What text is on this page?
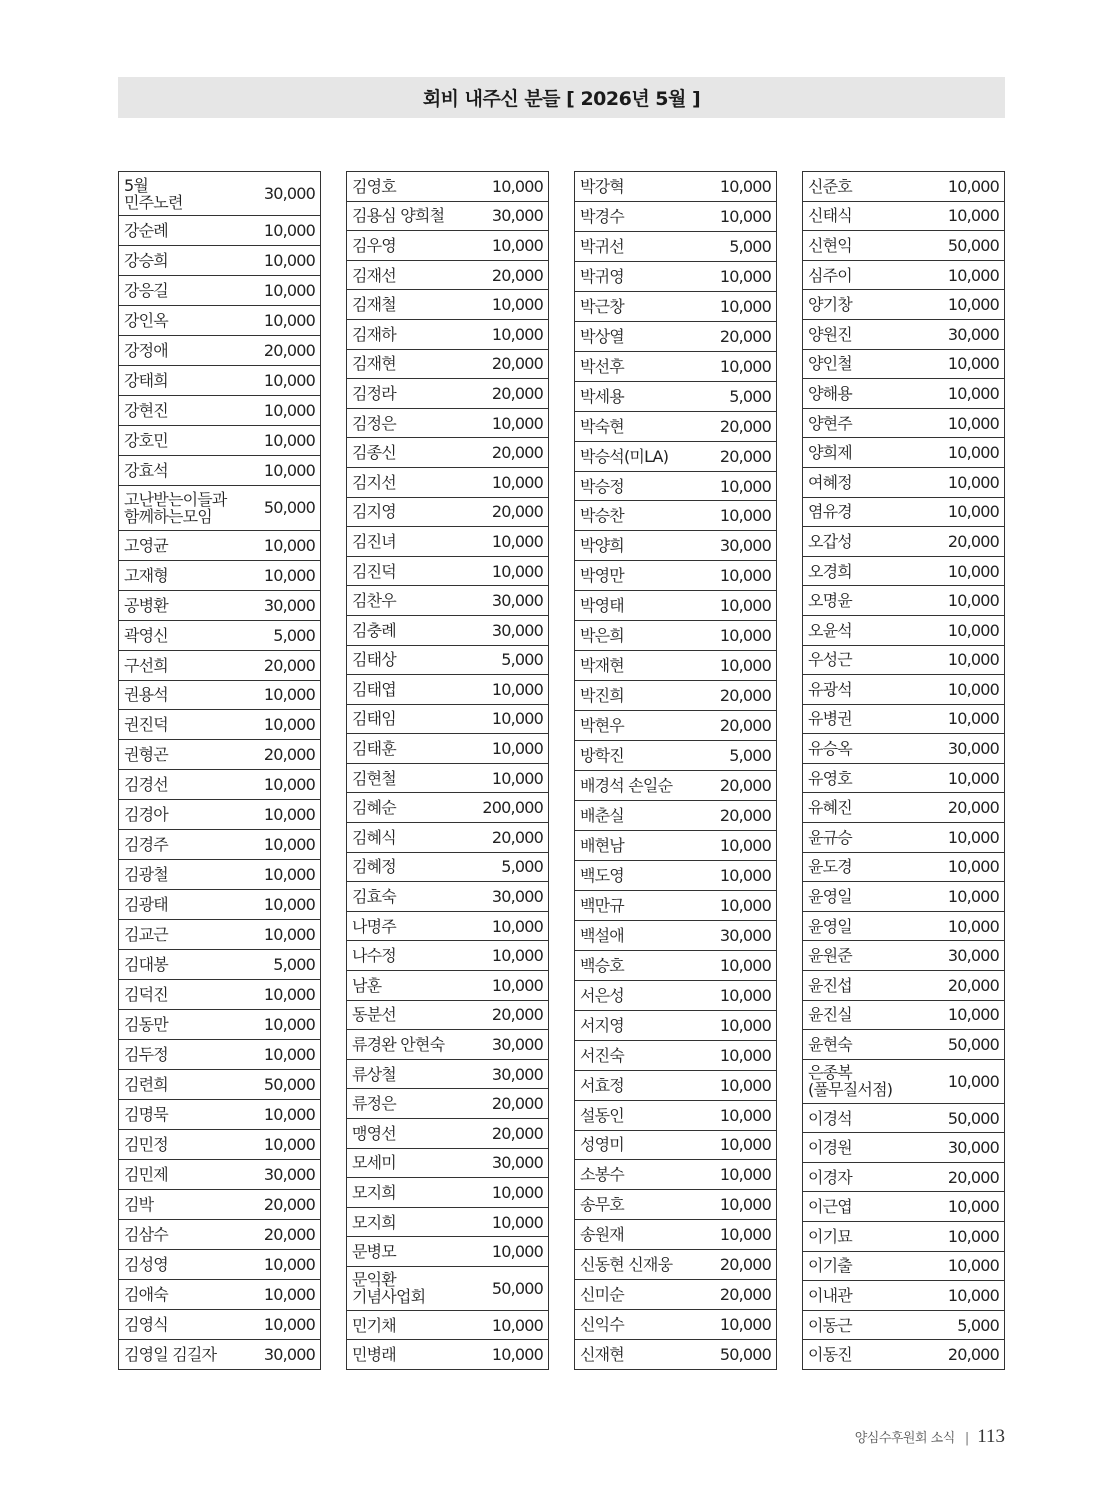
회비 내주신 분들 [ 2026년 5월 ]
5월
민주노련	30,000
강순례	10,000
강승희	10,000
강응길	10,000
강인옥	10,000
강정애	20,000
강태희	10,000
강현진	10,000
강호민	10,000
강효석	10,000
고난받는이들과
함께하는모임	50,000
고영균	10,000
고재형	10,000
공병환	30,000
곽영신	5,000
구선희	20,000
권용석	10,000
권진덕	10,000
권형곤	20,000
김경선	10,000
김경아	10,000
김경주	10,000
김광철	10,000
김광태	10,000
김교근	10,000
김대봉	5,000
김덕진	10,000
김동만	10,000
김두정	10,000
김련희	50,000
김명묵	10,000
김민정	10,000
김민제	30,000
김박	20,000
김삼수	20,000
김성영	10,000
김애숙	10,000
김영식	10,000
김영일 김길자	30,000
김영호	10,000
김용심 양희철	30,000
김우영	10,000
김재선	20,000
김재철	10,000
김재하	10,000
김재현	20,000
김정라	20,000
김정은	10,000
김종신	20,000
김지선	10,000
김지영	20,000
김진녀	10,000
김진덕	10,000
김찬우	30,000
김충례	30,000
김태상	5,000
김태엽	10,000
김태임	10,000
김태훈	10,000
김현철	10,000
김혜순	200,000
김혜식	20,000
김혜정	5,000
김효숙	30,000
나명주	10,000
나수정	10,000
남훈	10,000
동분선	20,000
류경완 안현숙	30,000
류상철	30,000
류정은	20,000
맹영선	20,000
모세미	30,000
모지희	10,000
모지희	10,000
문병모	10,000
문익환
기념사업회	50,000
민기채	10,000
민병래	10,000
박강혁	10,000
박경수	10,000
박귀선	5,000
박귀영	10,000
박근창	10,000
박상열	20,000
박선후	10,000
박세용	5,000
박숙현	20,000
박승석(미LA)	20,000
박승정	10,000
박승찬	10,000
박양희	30,000
박영만	10,000
박영태	10,000
박은희	10,000
박재현	10,000
박진희	20,000
박현우	20,000
방학진	5,000
배경석 손일순	20,000
배춘실	20,000
배현남	10,000
백도영	10,000
백만규	10,000
백설애	30,000
백승호	10,000
서은성	10,000
서지영	10,000
서진숙	10,000
서효정	10,000
설동인	10,000
성영미	10,000
소봉수	10,000
송무호	10,000
송원재	10,000
신동현 신재웅	20,000
신미순	20,000
신익수	10,000
신재현	50,000
신준호	10,000
신태식	10,000
신현익	50,000
심주이	10,000
양기창	10,000
양원진	30,000
양인철	10,000
양해용	10,000
양현주	10,000
양희제	10,000
여혜정	10,000
염유경	10,000
오갑성	20,000
오경희	10,000
오명윤	10,000
오윤석	10,000
우성근	10,000
유광석	10,000
유병권	10,000
유승옥	30,000
유영호	10,000
유혜진	20,000
윤규승	10,000
윤도경	10,000
윤영일	10,000
윤영일	10,000
윤원준	30,000
윤진섭	20,000
윤진실	10,000
윤현숙	50,000
은종복
(풀무질서점)	10,000
이경석	50,000
이경원	30,000
이경자	20,000
이근엽	10,000
이기묘	10,000
이기출	10,000
이내관	10,000
이동근	5,000
이동진	20,000
양심수후원회 소식 | 113
